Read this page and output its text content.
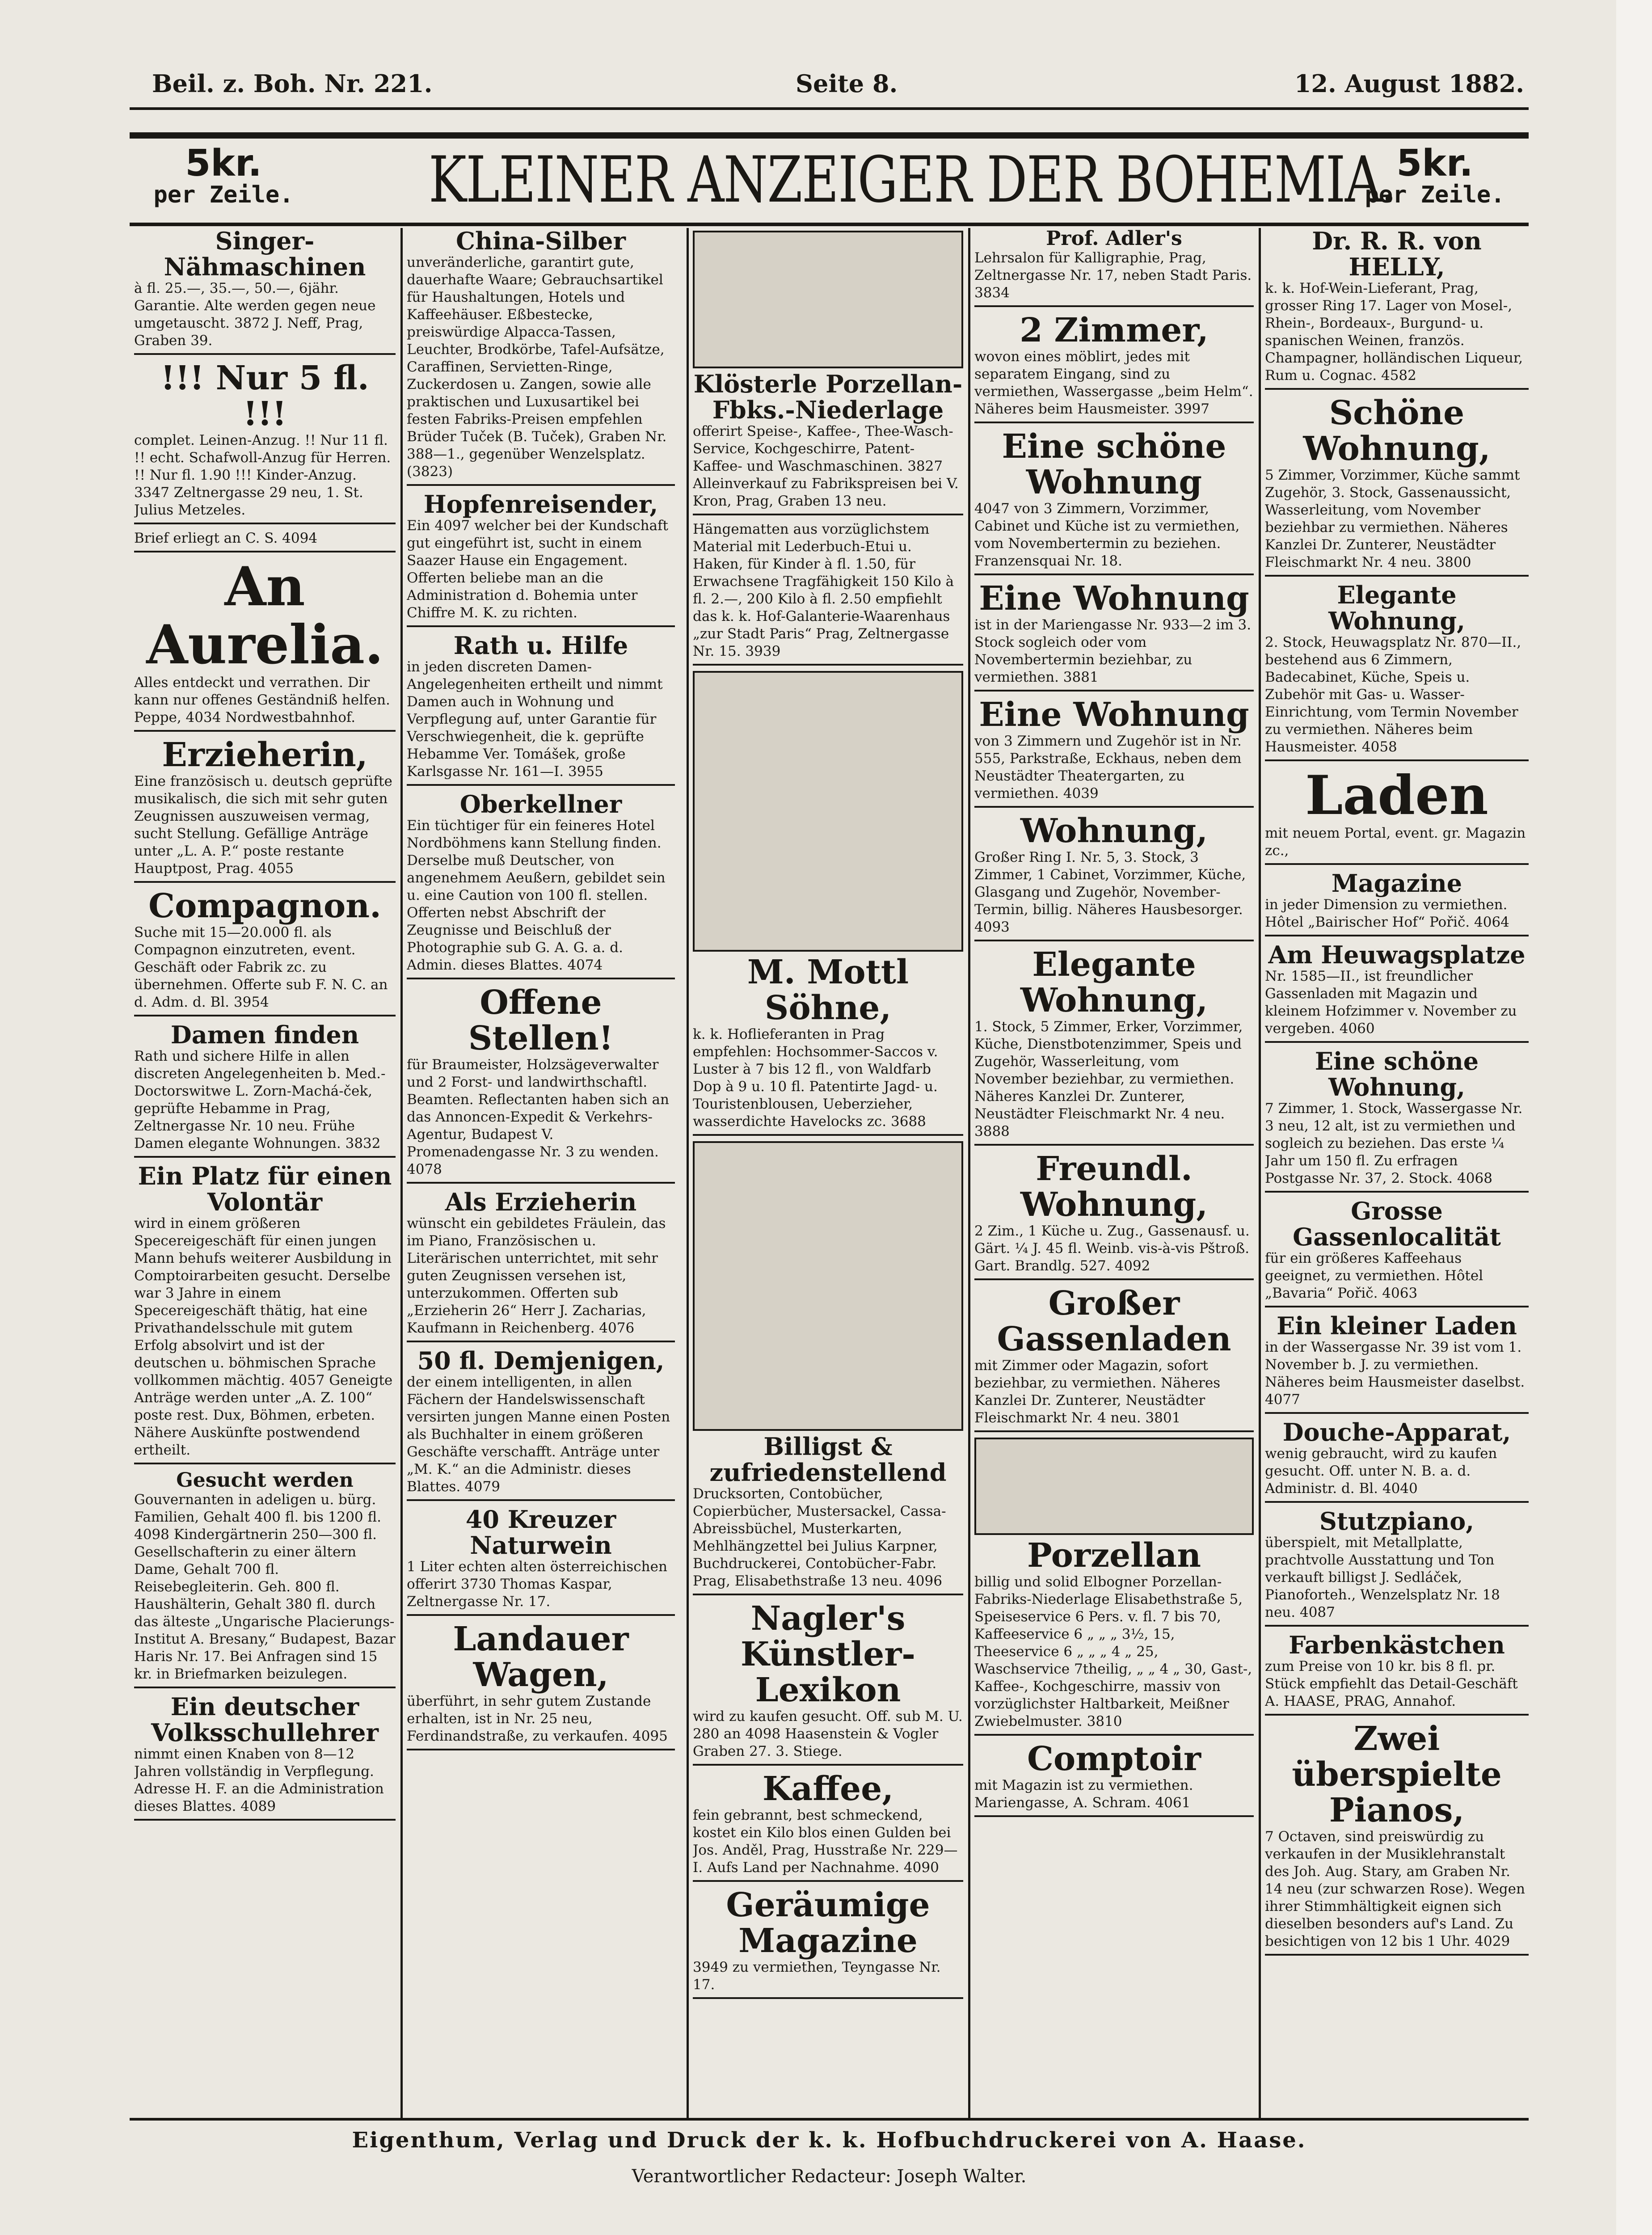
Beil. z. Boh. Nr. 221.	Seite 8.	12. August 1882.
5kr.
per Zeile.	KLEINER ANZEIGER DER BOHEMIA. 5kr.
per Zeile.

Singer-Nähmaschinen

à fl. 25.—, 35.—, 50.—, 6jähr. Garantie. Alte werden gegen neue umgetauscht. 3872 J. Neff, Prag, Graben 39.

!!! Nur 5 fl. !!!

complet. Leinen-Anzug. !! Nur 11 fl. !! echt. Schafwoll-Anzug für Herren. !! Nur fl. 1.90 !!! Kinder-Anzug. 3347 Zeltnergasse 29 neu, 1. St. Julius Metzeles.

Brief erliegt an C. S. 4094

An Aurelia.

Alles entdeckt und verrathen. Dir kann nur offenes Geständniß helfen. Peppe, 4034 Nordwestbahnhof.

Erzieherin,

Eine französisch u. deutsch geprüfte musikalisch, die sich mit sehr guten Zeugnissen auszuweisen vermag, sucht Stellung. Gefällige Anträge unter „L. A. P.“ poste restante Hauptpost, Prag. 4055

Compagnon.

Suche mit 15—20.000 fl. als Compagnon einzutreten, event. Geschäft oder Fabrik zc. zu übernehmen. Offerte sub F. N. C. an d. Adm. d. Bl. 3954

Damen finden

Rath und sichere Hilfe in allen discreten Angelegenheiten b. Med.-Doctorswitwe L. Zorn-Machá-ček, geprüfte Hebamme in Prag, Zeltnergasse Nr. 10 neu. Frühe Damen elegante Wohnungen. 3832

Ein Platz für einen Volontär

wird in einem größeren Specereigeschäft für einen jungen Mann behufs weiterer Ausbildung in Comptoirarbeiten gesucht. Derselbe war 3 Jahre in einem Specereigeschäft thätig, hat eine Privathandelsschule mit gutem Erfolg absolvirt und ist der deutschen u. böhmischen Sprache vollkommen mächtig. 4057 Geneigte Anträge werden unter „A. Z. 100“ poste rest. Dux, Böhmen, erbeten. Nähere Auskünfte postwendend ertheilt.

Gesucht werden

Gouvernanten in adeligen u. bürg. Familien, Gehalt 400 fl. bis 1200 fl. 4098 Kindergärtnerin 250—300 fl. Gesellschafterin zu einer ältern Dame, Gehalt 700 fl. Reisebegleiterin. Geh. 800 fl. Haushälterin, Gehalt 380 fl. durch das älteste „Ungarische Placierungs-Institut A. Bresany,“ Budapest, Bazar Haris Nr. 17. Bei Anfragen sind 15 kr. in Briefmarken beizulegen.

Ein deutscher Volksschullehrer

nimmt einen Knaben von 8—12 Jahren vollständig in Verpflegung. Adresse H. F. an die Administration dieses Blattes. 4089

China-Silber

unveränderliche, garantirt gute, dauerhafte Waare; Gebrauchsartikel für Haushaltungen, Hotels und Kaffeehäuser. Eßbestecke, preiswürdige Alpacca-Tassen, Leuchter, Brodkörbe, Tafel-Aufsätze, Caraffinen, Servietten-Ringe, Zuckerdosen u. Zangen, sowie alle praktischen und Luxusartikel bei festen Fabriks-Preisen empfehlen Brüder Tuček (B. Tuček), Graben Nr. 388—1., gegenüber Wenzelsplatz. (3823)

Hopfenreisender,

Ein 4097 welcher bei der Kundschaft gut eingeführt ist, sucht in einem Saazer Hause ein Engagement. Offerten beliebe man an die Administration d. Bohemia unter Chiffre M. K. zu richten.

Rath u. Hilfe

in jeden discreten Damen-Angelegenheiten ertheilt und nimmt Damen auch in Wohnung und Verpflegung auf, unter Garantie für Verschwiegenheit, die k. geprüfte Hebamme Ver. Tomášek, große Karlsgasse Nr. 161—I. 3955

Oberkellner

Ein tüchtiger für ein feineres Hotel Nordböhmens kann Stellung finden. Derselbe muß Deutscher, von angenehmem Aeußern, gebildet sein u. eine Caution von 100 fl. stellen. Offerten nebst Abschrift der Zeugnisse und Beischluß der Photographie sub G. A. G. a. d. Admin. dieses Blattes. 4074

Offene Stellen!

für Braumeister, Holzsägeverwalter und 2 Forst- und landwirthschaftl. Beamten. Reflectanten haben sich an das Annoncen-Expedit & Verkehrs-Agentur, Budapest V. Promenadengasse Nr. 3 zu wenden. 4078

Als Erzieherin

wünscht ein gebildetes Fräulein, das im Piano, Französischen u. Literärischen unterrichtet, mit sehr guten Zeugnissen versehen ist, unterzukommen. Offerten sub „Erzieherin 26“ Herr J. Zacharias, Kaufmann in Reichenberg. 4076

50 fl. Demjenigen,

der einem intelligenten, in allen Fächern der Handelswissenschaft versirten jungen Manne einen Posten als Buchhalter in einem größeren Geschäfte verschafft. Anträge unter „M. K.“ an die Administr. dieses Blattes. 4079

40 Kreuzer Naturwein

1 Liter echten alten österreichischen offerirt 3730 Thomas Kaspar, Zeltnergasse Nr. 17.

Landauer Wagen,

überführt, in sehr gutem Zustande erhalten, ist in Nr. 25 neu, Ferdinandstraße, zu verkaufen. 4095

Klösterle Porzellan-Fbks.-Niederlage

offerirt Speise-, Kaffee-, Thee-Wasch-Service, Kochgeschirre, Patent-Kaffee- und Waschmaschinen. 3827 Alleinverkauf zu Fabrikspreisen bei V. Kron, Prag, Graben 13 neu.

Hängematten aus vorzüglichstem Material mit Lederbuch-Etui u. Haken, für Kinder à fl. 1.50, für Erwachsene Tragfähigkeit 150 Kilo à fl. 2.—, 200 Kilo à fl. 2.50 empfiehlt das k. k. Hof-Galanterie-Waarenhaus „zur Stadt Paris“ Prag, Zeltnergasse Nr. 15. 3939

M. Mottl Söhne,

k. k. Hoflieferanten in Prag empfehlen: Hochsommer-Saccos v. Luster à 7 bis 12 fl., von Waldfarb Dop à 9 u. 10 fl. Patentirte Jagd- u. Touristenblousen, Ueberzieher, wasserdichte Havelocks zc. 3688

Billigst & zufriedenstellend

Drucksorten, Contobücher, Copierbücher, Mustersackel, Cassa-Abreissbüchel, Musterkarten, Mehlhängzettel bei Julius Karpner, Buchdruckerei, Contobücher-Fabr. Prag, Elisabethstraße 13 neu. 4096

Nagler's Künstler-Lexikon

wird zu kaufen gesucht. Off. sub M. U. 280 an 4098 Haasenstein & Vogler Graben 27. 3. Stiege.

Kaffee,

fein gebrannt, best schmeckend, kostet ein Kilo blos einen Gulden bei Jos. Anděl, Prag, Husstraße Nr. 229—I. Aufs Land per Nachnahme. 4090

Geräumige Magazine

3949 zu vermiethen, Teyngasse Nr. 17.

Prof. Adler's

Lehrsalon für Kalligraphie, Prag, Zeltnergasse Nr. 17, neben Stadt Paris. 3834

2 Zimmer,

wovon eines möblirt, jedes mit separatem Eingang, sind zu vermiethen, Wassergasse „beim Helm“. Näheres beim Hausmeister. 3997

Eine schöne Wohnung

4047 von 3 Zimmern, Vorzimmer, Cabinet und Küche ist zu vermiethen, vom Novembertermin zu beziehen. Franzensquai Nr. 18.

Eine Wohnung

ist in der Mariengasse Nr. 933—2 im 3. Stock sogleich oder vom Novembertermin beziehbar, zu vermiethen. 3881

Eine Wohnung

von 3 Zimmern und Zugehör ist in Nr. 555, Parkstraße, Eckhaus, neben dem Neustädter Theatergarten, zu vermiethen. 4039

Wohnung,

Großer Ring I. Nr. 5, 3. Stock, 3 Zimmer, 1 Cabinet, Vorzimmer, Küche, Glasgang und Zugehör, November-Termin, billig. Näheres Hausbesorger. 4093

Elegante Wohnung,

1. Stock, 5 Zimmer, Erker, Vorzimmer, Küche, Dienstbotenzimmer, Speis und Zugehör, Wasserleitung, vom November beziehbar, zu vermiethen. Näheres Kanzlei Dr. Zunterer, Neustädter Fleischmarkt Nr. 4 neu. 3888

Freundl. Wohnung,

2 Zim., 1 Küche u. Zug., Gassenausf. u. Gärt. ¼ J. 45 fl. Weinb. vis-à-vis Pštroß. Gart. Brandlg. 527. 4092

Großer Gassenladen

mit Zimmer oder Magazin, sofort beziehbar, zu vermiethen. Näheres Kanzlei Dr. Zunterer, Neustädter Fleischmarkt Nr. 4 neu. 3801

Porzellan

billig und solid Elbogner Porzellan-Fabriks-Niederlage Elisabethstraße 5, Speiseservice 6 Pers. v. fl. 7 bis 70, Kaffeeservice 6 „ „ „ 3½, 15, Theeservice 6 „ „ „ 4 „ 25, Waschservice 7theilig, „ „ 4 „ 30, Gast-, Kaffee-, Kochgeschirre, massiv von vorzüglichster Haltbarkeit, Meißner Zwiebelmuster. 3810

Comptoir

mit Magazin ist zu vermiethen. Mariengasse, A. Schram. 4061

Dr. R. R. von HELLY,

k. k. Hof-Wein-Lieferant, Prag, grosser Ring 17. Lager von Mosel-, Rhein-, Bordeaux-, Burgund- u. spanischen Weinen, französ. Champagner, holländischen Liqueur, Rum u. Cognac. 4582

Schöne Wohnung,

5 Zimmer, Vorzimmer, Küche sammt Zugehör, 3. Stock, Gassenaussicht, Wasserleitung, vom November beziehbar zu vermiethen. Näheres Kanzlei Dr. Zunterer, Neustädter Fleischmarkt Nr. 4 neu. 3800

Elegante Wohnung,

2. Stock, Heuwagsplatz Nr. 870—II., bestehend aus 6 Zimmern, Badecabinet, Küche, Speis u. Zubehör mit Gas- u. Wasser-Einrichtung, vom Termin November zu vermiethen. Näheres beim Hausmeister. 4058

Laden

mit neuem Portal, event. gr. Magazin zc.,

Magazine

in jeder Dimension zu vermiethen. Hôtel „Bairischer Hof“ Pořič. 4064

Am Heuwagsplatze

Nr. 1585—II., ist freundlicher Gassenladen mit Magazin und kleinem Hofzimmer v. November zu vergeben. 4060

Eine schöne Wohnung,

7 Zimmer, 1. Stock, Wassergasse Nr. 3 neu, 12 alt, ist zu vermiethen und sogleich zu beziehen. Das erste ¼ Jahr um 150 fl. Zu erfragen Postgasse Nr. 37, 2. Stock. 4068

Grosse Gassenlocalität

für ein größeres Kaffeehaus geeignet, zu vermiethen. Hôtel „Bavaria“ Pořič. 4063

Ein kleiner Laden

in der Wassergasse Nr. 39 ist vom 1. November b. J. zu vermiethen. Näheres beim Hausmeister daselbst. 4077

Douche-Apparat,

wenig gebraucht, wird zu kaufen gesucht. Off. unter N. B. a. d. Administr. d. Bl. 4040

Stutzpiano,

überspielt, mit Metallplatte, prachtvolle Ausstattung und Ton verkauft billigst J. Sedláček, Pianoforteh., Wenzelsplatz Nr. 18 neu. 4087

Farbenkästchen

zum Preise von 10 kr. bis 8 fl. pr. Stück empfiehlt das Detail-Geschäft A. HAASE, PRAG, Annahof.

Zwei überspielte Pianos,

7 Octaven, sind preiswürdig zu verkaufen in der Musiklehranstalt des Joh. Aug. Stary, am Graben Nr. 14 neu (zur schwarzen Rose). Wegen ihrer Stimmhältigkeit eignen sich dieselben besonders auf's Land. Zu besichtigen von 12 bis 1 Uhr. 4029

Eigenthum, Verlag und Druck der k. k. Hofbuchdruckerei von A. Haase.
Verantwortlicher Redacteur: Joseph Walter.
